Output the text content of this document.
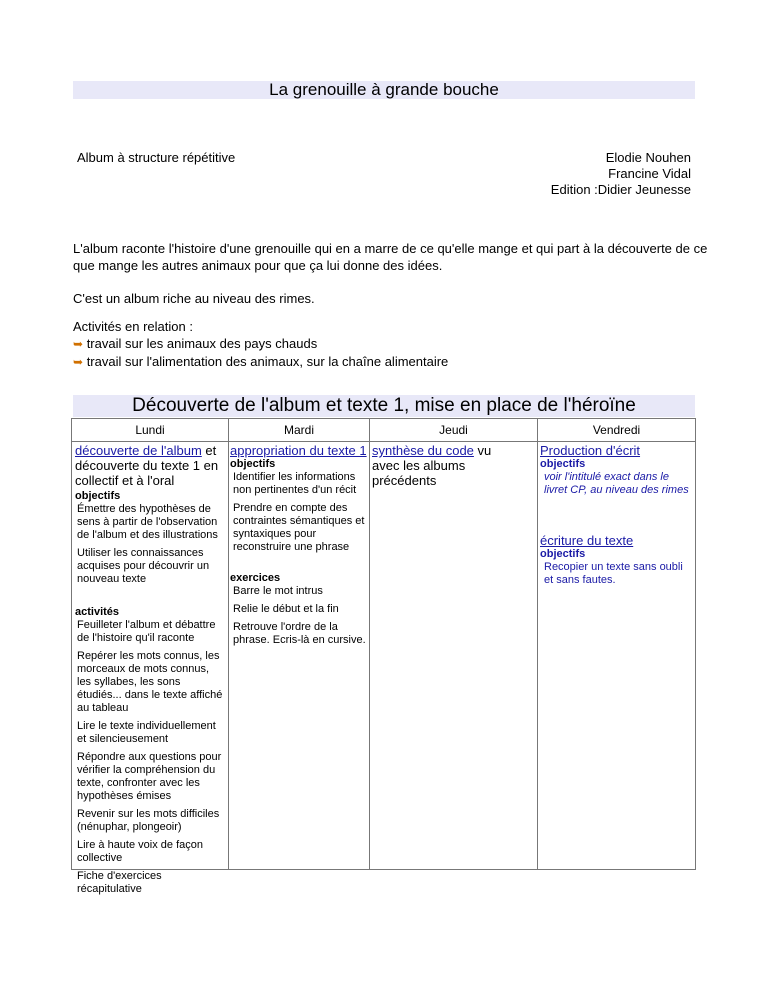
La grenouille à grande bouche
Album à structure répétitive	Elodie Nouhen
Francine Vidal
Edition :Didier Jeunesse
L'album raconte l'histoire d'une grenouille qui en a marre de ce qu'elle mange et qui part à la découverte de ce que mange les autres animaux pour que ça lui donne des idées.
C'est un album riche au niveau des rimes.
Activités en relation :
➥ travail sur les animaux des pays chauds
➥ travail sur l'alimentation des animaux, sur la chaîne alimentaire
Découverte de l'album et texte 1, mise en place de l'héroïne
Lundi
découverte de l'album et découverte du texte 1 en collectif et à l'oral
objectifs
Émettre des hypothèses de sens à partir de l'observation de l'album et des illustrations
Utiliser les connaissances acquises pour découvrir un nouveau texte
activités
Feuilleter l'album et débattre de l'histoire qu'il raconte
Repérer les mots connus, les morceaux de mots connus, les syllabes, les sons étudiés... dans le texte affiché au tableau
Lire le texte individuellement et silencieusement
Répondre aux questions pour vérifier la compréhension du texte, confronter avec les hypothèses émises
Revenir sur les mots difficiles (nénuphar, plongeoir)
Lire à haute voix de façon collective
Fiche d'exercices récapitulative
Mardi
appropriation du texte 1
objectifs
Identifier les informations non pertinentes d'un récit
Prendre en compte des contraintes sémantiques et syntaxiques pour reconstruire une phrase
exercices
Barre le mot intrus
Relie le début et la fin
Retrouve l'ordre de la phrase. Ecris-là en cursive.
Jeudi
synthèse du code vu avec les albums précédents
Vendredi
Production d'écrit
objectifs
voir l'intitulé exact dans le livret CP, au niveau des rimes
écriture du texte
objectifs
Recopier un texte sans oubli et sans fautes.
